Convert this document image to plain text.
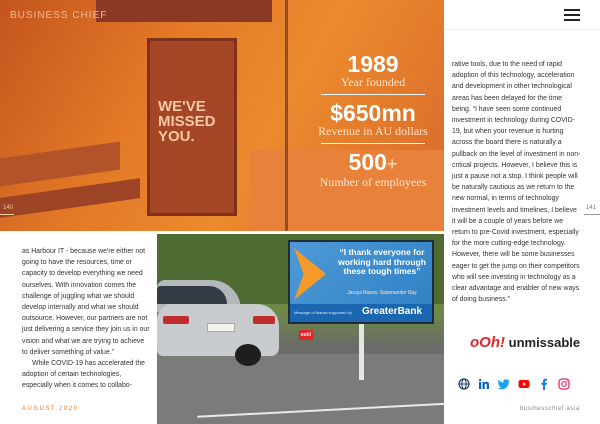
WE'VE MISSED YOU.
BUSINESS CHIEF
1989
Year founded
$650mn
Revenue in AU dollars
500+
Number of employees
140	141

rative tools, due to the need of rapid adoption of this technology, acceleration and development in other technological areas has been delayed for the time being. “I have seen some continued investment in technology during COVID-19, but when your revenue is hurting across the board there is naturally a pullback on the level of investment in non-critical projects. However, I believe this is just a pause not a stop. I think people will be naturally cautious as we return to the new normal, in terms of technology investment levels and timelines, I believe it will be a couple of years before we return to pre-Covid investment, especially for the more cutting-edge technology. However, there will be some businesses eager to get the jump on their competitors who will see investing in technology as a clear advantage and enabler of new ways of doing business.”

as Harbour IT - because we're either not going to have the resources, time or capacity to develop everything we need ourselves. With innovation comes the challenge of juggling what we should develop internally and what we should outsource. However, our partners are not just delivering a service they join us in our vision and what we are trying to achieve to deliver something of value.”

While COVID-19 has accelerated the adoption of certain technologies, especially when it comes to collabo-

“I thank everyone for working hard through these tough times”
Jacqui Razov, Salamander Bay
Message of thanks supported by GreaterBank
ooh!	oOh! unmissable
AUGUST 2020	businesschief.asia
